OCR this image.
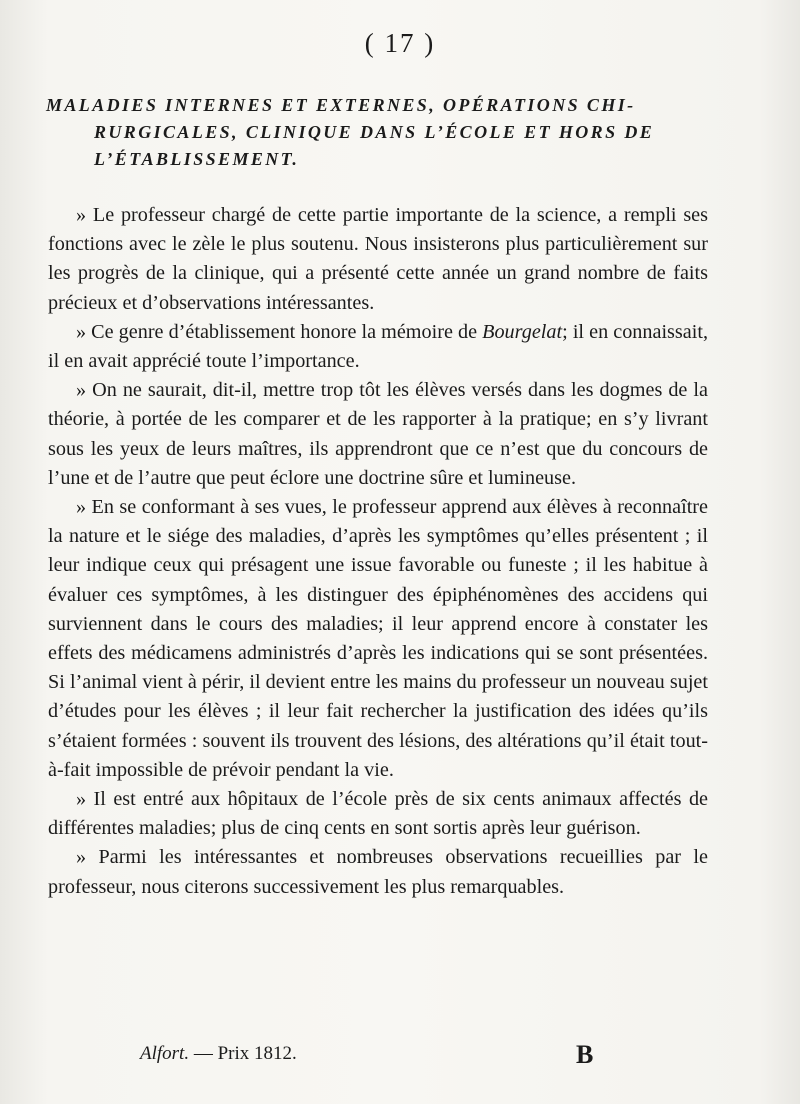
( 17 )
MALADIES INTERNES ET EXTERNES, OPÉRATIONS CHI-
RURGICALES, CLINIQUE DANS L’ÉCOLE ET HORS DE
L’ÉTABLISSEMENT.

» Le professeur chargé de cette partie importante de la science, a rempli ses fonctions avec le zèle le plus soutenu. Nous insisterons plus particulièrement sur les progrès de la clinique, qui a présenté cette année un grand nombre de faits précieux et d’observations intéressantes.

» Ce genre d’établissement honore la mémoire de Bourgelat; il en connaissait, il en avait apprécié toute l’importance.

» On ne saurait, dit-il, mettre trop tôt les élèves versés dans les dogmes de la théorie, à portée de les comparer et de les rapporter à la pratique; en s’y livrant sous les yeux de leurs maîtres, ils apprendront que ce n’est que du concours de l’une et de l’autre que peut éclore une doctrine sûre et lumineuse.

» En se conformant à ses vues, le professeur apprend aux élèves à reconnaître la nature et le siége des maladies, d’après les symptômes qu’elles présentent ; il leur indique ceux qui présagent une issue favorable ou funeste ; il les habitue à évaluer ces symptômes, à les distinguer des épiphénomènes des accidens qui surviennent dans le cours des maladies; il leur apprend encore à constater les effets des médicamens administrés d’après les indications qui se sont présentées. Si l’animal vient à périr, il devient entre les mains du professeur un nouveau sujet d’études pour les élèves ; il leur fait rechercher la justification des idées qu’ils s’étaient formées : souvent ils trouvent des lésions, des altérations qu’il était tout-à-fait impossible de prévoir pendant la vie.

» Il est entré aux hôpitaux de l’école près de six cents animaux affectés de différentes maladies; plus de cinq cents en sont sortis après leur guérison.

» Parmi les intéressantes et nombreuses observations recueillies par le professeur, nous citerons successivement les plus remarquables.

Alfort. — Prix 1812.	B
